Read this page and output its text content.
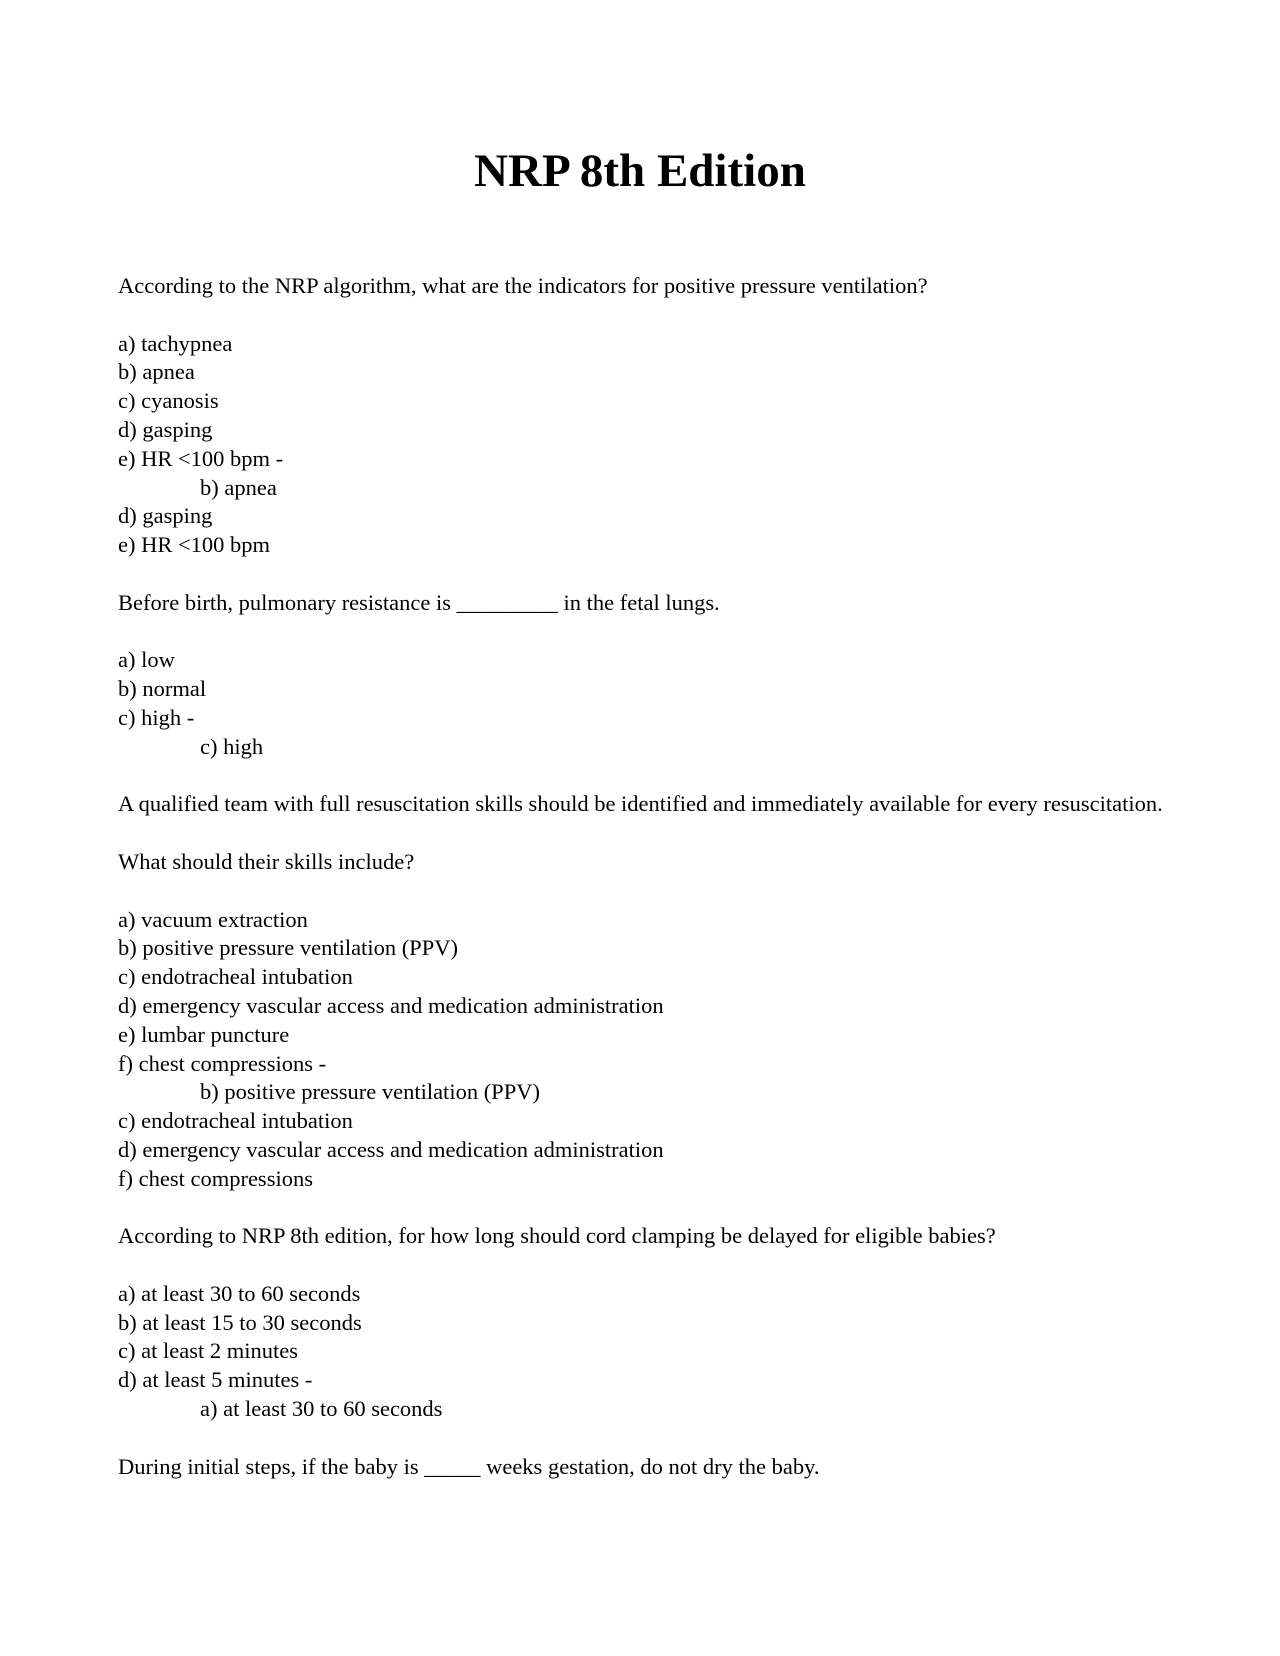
NRP 8th Edition
According to the NRP algorithm, what are the indicators for positive pressure ventilation?
a) tachypnea
b) apnea
c) cyanosis
d) gasping
e) HR <100 bpm -
b) apnea
d) gasping
e) HR <100 bpm
Before birth, pulmonary resistance is _________ in the fetal lungs.
a) low
b) normal
c) high -
c) high
A qualified team with full resuscitation skills should be identified and immediately available for every resuscitation.
What should their skills include?
a) vacuum extraction
b) positive pressure ventilation (PPV)
c) endotracheal intubation
d) emergency vascular access and medication administration
e) lumbar puncture
f) chest compressions -
b) positive pressure ventilation (PPV)
c) endotracheal intubation
d) emergency vascular access and medication administration
f) chest compressions
According to NRP 8th edition, for how long should cord clamping be delayed for eligible babies?
a) at least 30 to 60 seconds
b) at least 15 to 30 seconds
c) at least 2 minutes
d) at least 5 minutes -
a) at least 30 to 60 seconds
During initial steps, if the baby is _____ weeks gestation, do not dry the baby.
